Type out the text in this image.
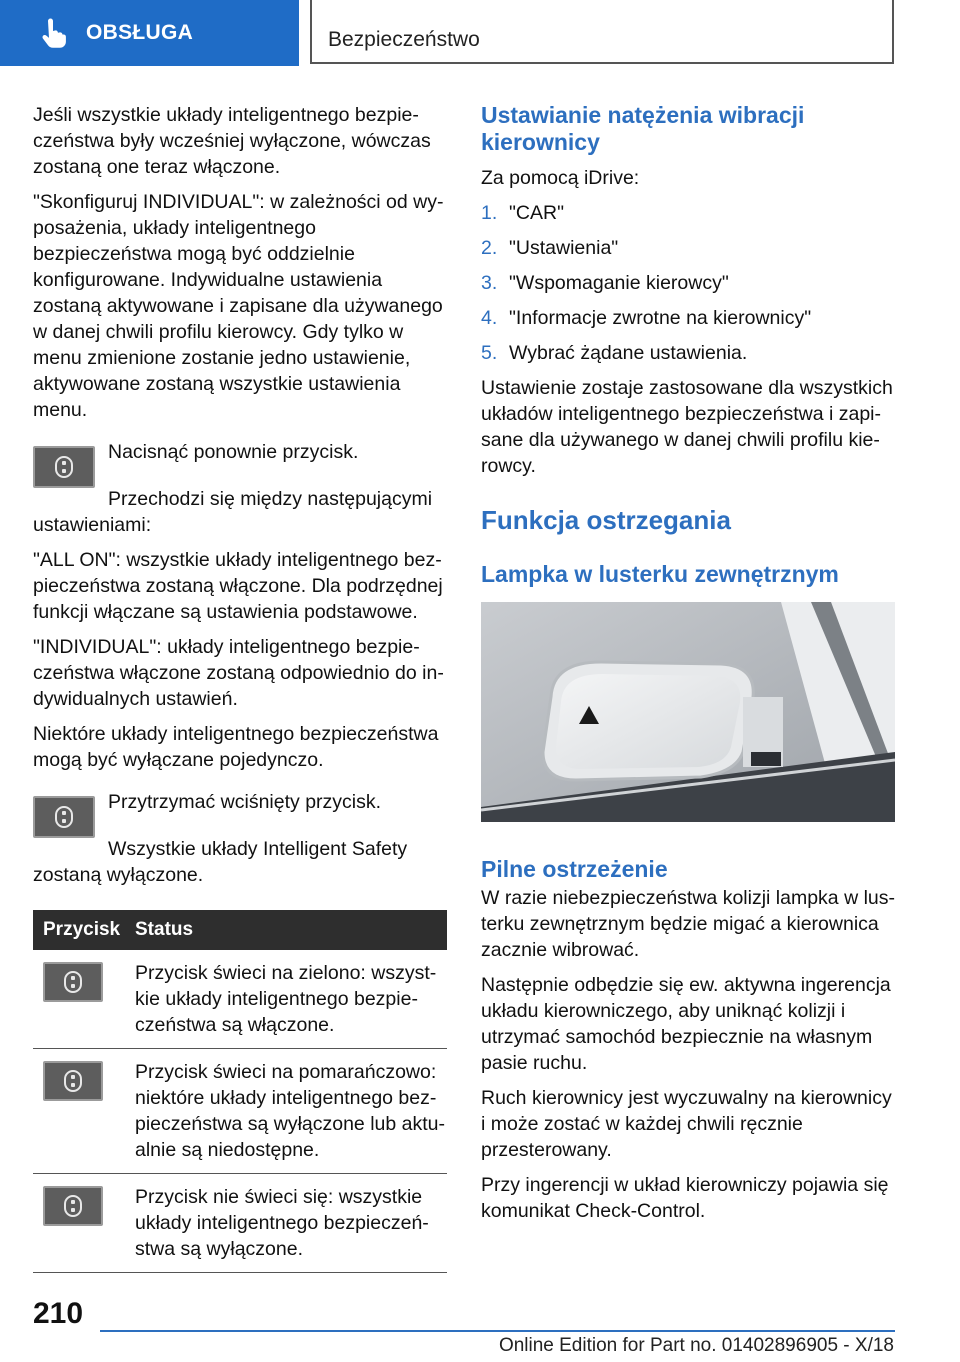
OBSŁUGA	Bezpieczeństwo

Jeśli wszystkie układy inteligentnego bezpieczeństwa były wcześniej wyłączone, wówczas zostaną one teraz włączone.

"Skonfiguruj INDIVIDUAL": w zależności od wyposażenia, układy inteligentnego bezpieczeństwa mogą być oddzielnie konfigurowane. Indywidualne ustawienia zostaną aktywowane i zapisane dla używanego w danej chwili profilu kierowcy. Gdy tylko w menu zmienione zostanie jedno ustawienie, aktywowane zostaną wszystkie ustawienia menu.

Nacisnąć ponownie przycisk.

Przechodzi się między następującymi ustawieniami:

"ALL ON": wszystkie układy inteligentnego bezpieczeństwa zostaną włączone. Dla podrzędnej funkcji włączane są ustawienia podstawowe.

"INDIVIDUAL": układy inteligentnego bezpieczeństwa włączone zostaną odpowiednio do indywidualnych ustawień.

Niektóre układy inteligentnego bezpieczeństwa mogą być wyłączane pojedynczo.

Przytrzymać wciśnięty przycisk.

Wszystkie układy Intelligent Safety zostaną wyłączone.

Przycisk	Status

	Przycisk świeci na zielono: wszystkie układy inteligentnego bezpieczeństwa są włączone.

	Przycisk świeci na pomarańczowo: niektóre układy inteligentnego bezpieczeństwa są wyłączone lub aktualnie są niedostępne.

	Przycisk nie świeci się: wszystkie układy inteligentnego bezpieczeństwa są wyłączone.
Ustawianie natężenia wibracji kierownicy

Za pomocą iDrive:

1. "CAR"
2. "Ustawienia"
3. "Wspomaganie kierowcy"
4. "Informacje zwrotne na kierownicy"
5. Wybrać żądane ustawienia.

Ustawienie zostaje zastosowane dla wszystkich układów inteligentnego bezpieczeństwa i zapisane dla używanego w danej chwili profilu kierowcy.

Funkcja ostrzegania
Lampka w lusterku zewnętrznym
Pilne ostrzeżenie

W razie niebezpieczeństwa kolizji lampka w lusterku zewnętrznym będzie migać a kierownica zacznie wibrować.

Następnie odbędzie się ew. aktywna ingerencja układu kierowniczego, aby uniknąć kolizji i utrzymać samochód bezpiecznie na własnym pasie ruchu.

Ruch kierownicy jest wyczuwalny na kierownicy i może zostać w każdej chwili ręcznie przesterowany.

Przy ingerencji w układ kierowniczy pojawia się komunikat Check-Control.

210
Online Edition for Part no. 01402896905 - X/18
